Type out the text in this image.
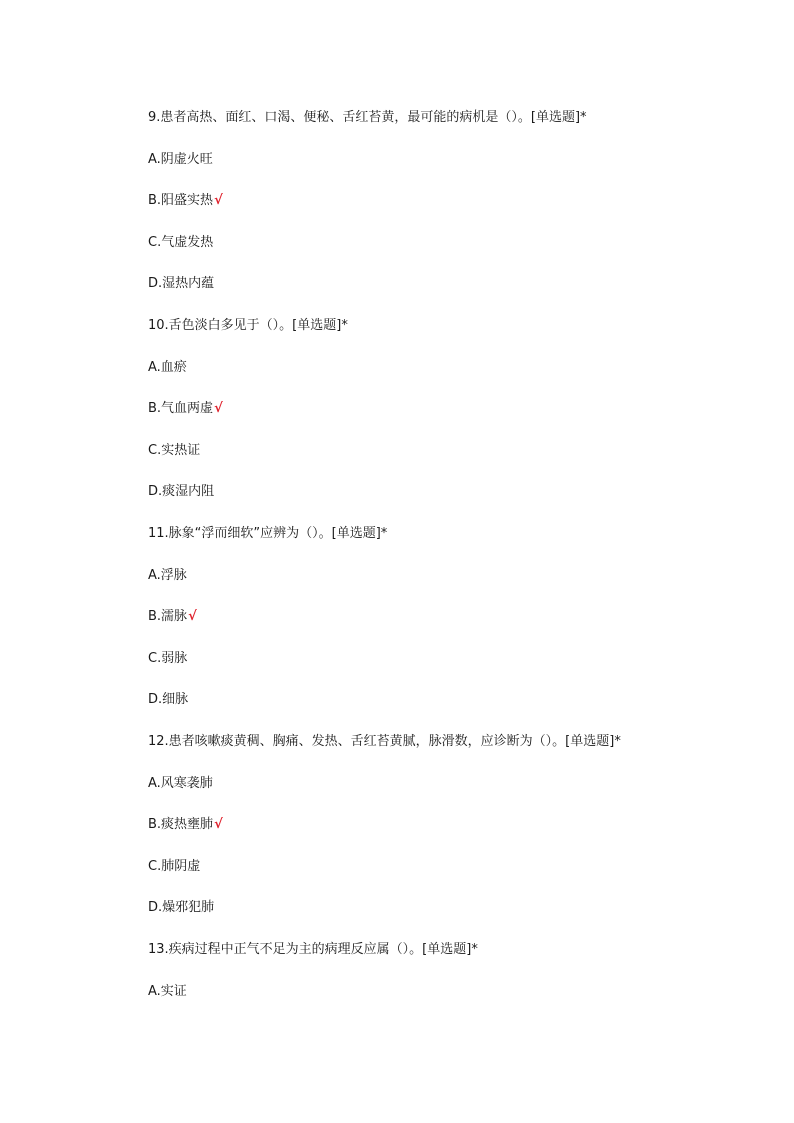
9.患者高热、面红、口渴、便秘、舌红苔黄，最可能的病机是（）。[单选题]*
A.阴虚火旺
B.阳盛实热√
C.气虚发热
D.湿热内蕴
10.舌色淡白多见于（）。[单选题]*
A.血瘀
B.气血两虚√
C.实热证
D.痰湿内阻
11.脉象“浮而细软”应辨为（）。[单选题]*
A.浮脉
B.濡脉√
C.弱脉
D.细脉
12.患者咳嗽痰黄稠、胸痛、发热、舌红苔黄腻，脉滑数，应诊断为（）。[单选题]*
A.风寒袭肺
B.痰热壅肺√
C.肺阴虚
D.燥邪犯肺
13.疾病过程中正气不足为主的病理反应属（）。[单选题]*
A.实证
